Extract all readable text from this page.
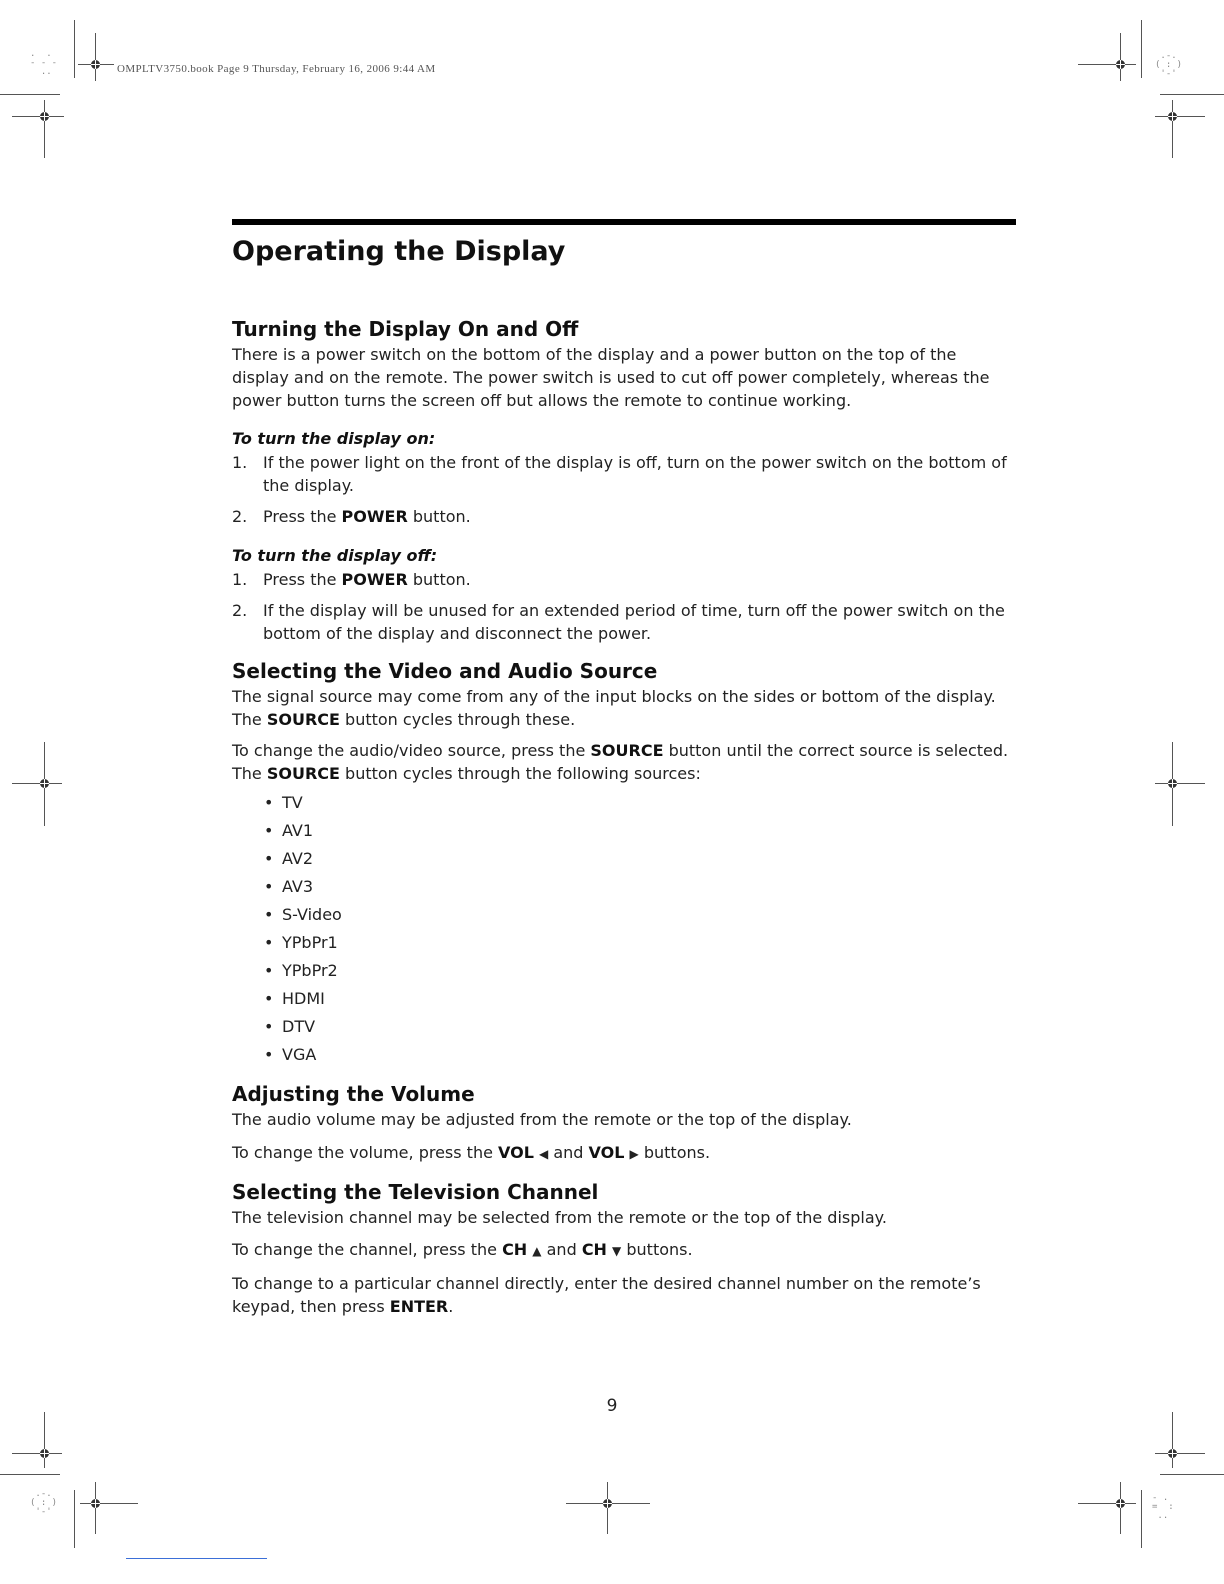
OMPLTV3750.book Page 9 Thursday, February 16, 2006 9:44 AM
.  .
- - -
..
.-.
( : )
'-'
.-.
( : )
'-'
- .
=  :
..
Operating the Display
Turning the Display On and Off

There is a power switch on the bottom of the display and a power button on the top of the display and on the remote. The power switch is used to cut off power completely, whereas the power button turns the screen off but allows the remote to continue working.

To turn the display on:
1. If the power light on the front of the display is off, turn on the power switch on the bottom of the display.
2. Press the POWER button.
To turn the display off:
1. Press the POWER button.
2. If the display will be unused for an extended period of time, turn off the power switch on the bottom of the display and disconnect the power.
Selecting the Video and Audio Source

The signal source may come from any of the input blocks on the sides or bottom of the display. The SOURCE button cycles through these.

To change the audio/video source, press the SOURCE button until the correct source is selected. The SOURCE button cycles through the following sources:

• TV
• AV1
• AV2
• AV3
• S-Video
• YPbPr1
• YPbPr2
• HDMI
• DTV
• VGA
Adjusting the Volume

The audio volume may be adjusted from the remote or the top of the display.

To change the volume, press the VOL ◀ and VOL ▶ buttons.

Selecting the Television Channel

The television channel may be selected from the remote or the top of the display.

To change the channel, press the CH ▲ and CH ▼ buttons.

To change to a particular channel directly, enter the desired channel number on the remote’s keypad, then press ENTER.

9
